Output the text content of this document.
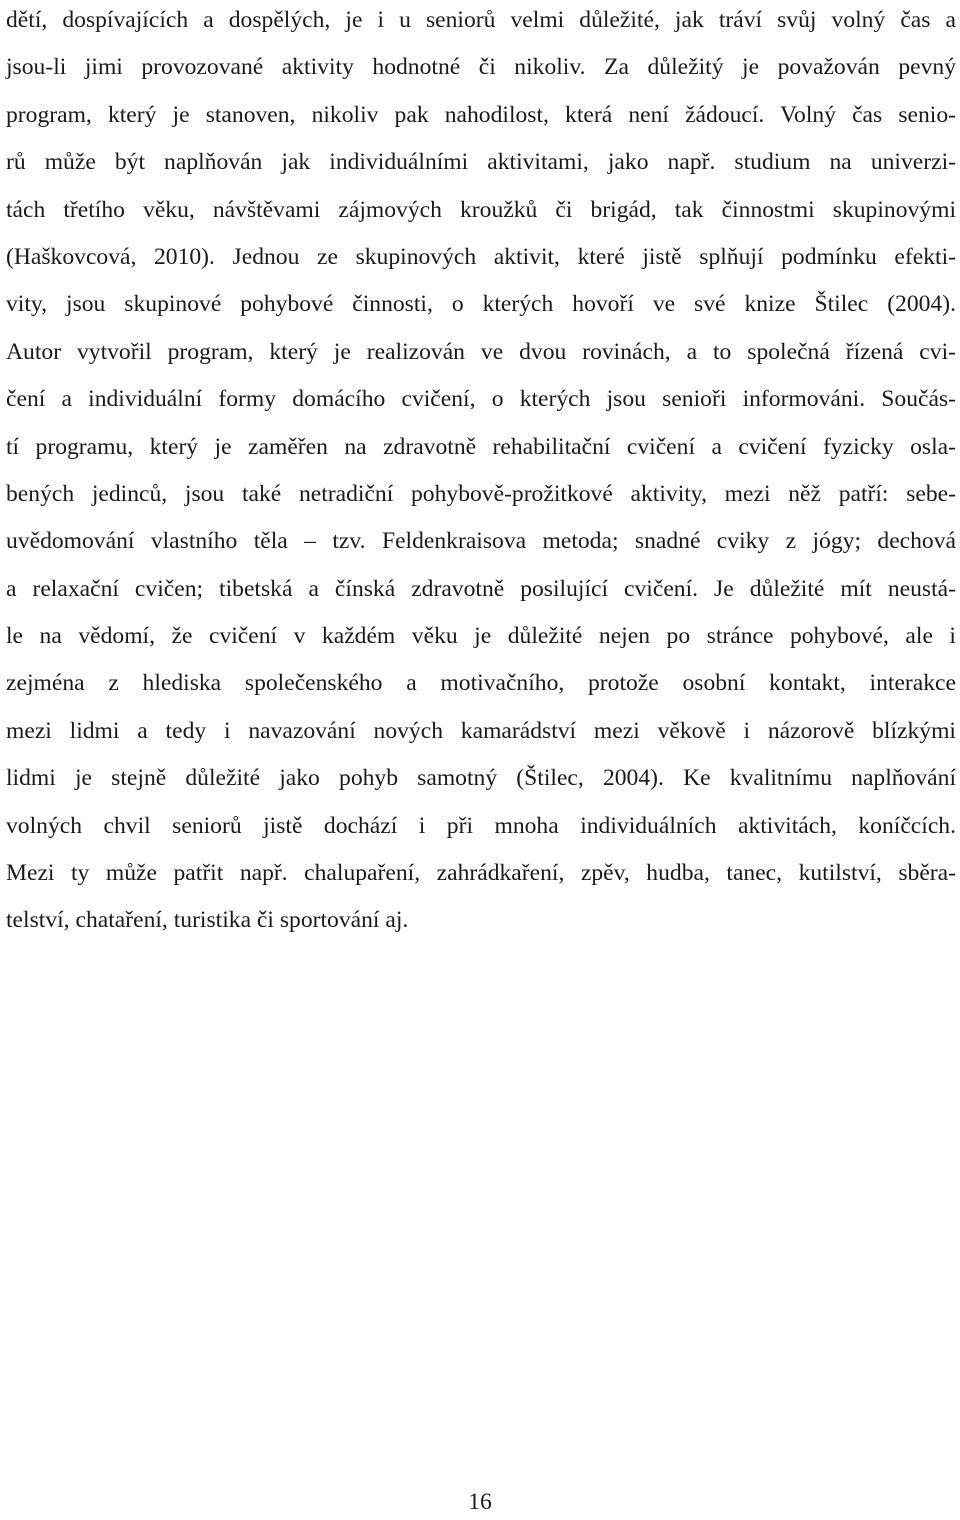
dětí, dospívajících a dospělých, je i u seniorů velmi důležité, jak tráví svůj volný čas a
jsou-li jimi provozované aktivity hodnotné či nikoliv. Za důležitý je považován pevný
program, který je stanoven, nikoliv pak nahodilost, která není žádoucí. Volný čas senio-
rů může být naplňován jak individuálními aktivitami, jako např. studium na univerzi-
tách třetího věku, návštěvami zájmových kroužků či brigád, tak činnostmi skupinovými
(Haškovcová, 2010). Jednou ze skupinových aktivit, které jistě splňují podmínku efekti-
vity, jsou skupinové pohybové činnosti, o kterých hovoří ve své knize Štilec (2004).
Autor vytvořil program, který je realizován ve dvou rovinách, a to společná řízená cvi-
čení a individuální formy domácího cvičení, o kterých jsou senioři informováni. Součás-
tí programu, který je zaměřen na zdravotně rehabilitační cvičení a cvičení fyzicky osla-
bených jedinců, jsou také netradiční pohybově-prožitkové aktivity, mezi něž patří: sebe-
uvědomování vlastního těla – tzv. Feldenkraisova metoda; snadné cviky z jógy; dechová
a relaxační cvičen; tibetská a čínská zdravotně posilující cvičení. Je důležité mít neustá-
le na vědomí, že cvičení v každém věku je důležité nejen po stránce pohybové, ale i
zejména z hlediska společenského a motivačního, protože osobní kontakt, interakce
mezi lidmi a tedy i navazování nových kamarádství mezi věkově i názorově blízkými
lidmi je stejně důležité jako pohyb samotný (Štilec, 2004). Ke kvalitnímu naplňování
volných chvil seniorů jistě dochází i při mnoha individuálních aktivitách, koníčcích.
Mezi ty může patřit např. chalupaření, zahrádkaření, zpěv, hudba, tanec, kutilství, sběra-
telství, chataření, turistika či sportování aj.
16
